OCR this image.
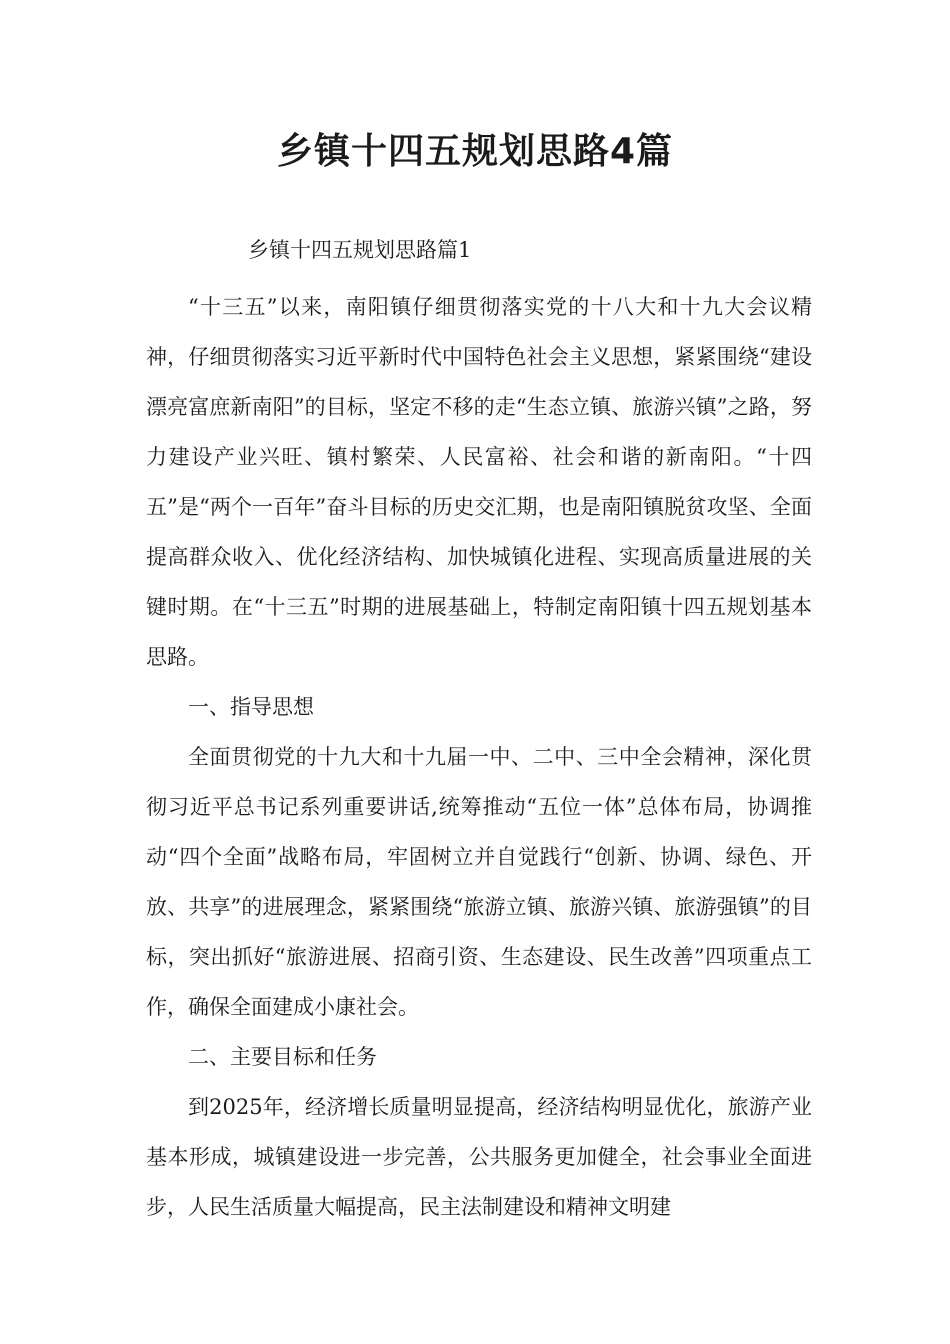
乡镇十四五规划思路4篇

乡镇十四五规划思路篇1

“十三五”以来，南阳镇仔细贯彻落实党的十八大和十九大会议精神，仔细贯彻落实习近平新时代中国特色社会主义思想，紧紧围绕“建设漂亮富庶新南阳”的目标，坚定不移的走“生态立镇、旅游兴镇”之路，努力建设产业兴旺、镇村繁荣、人民富裕、社会和谐的新南阳。“十四五”是“两个一百年”奋斗目标的历史交汇期，也是南阳镇脱贫攻坚、全面提高群众收入、优化经济结构、加快城镇化进程、实现高质量进展的关键时期。在“十三五”时期的进展基础上，特制定南阳镇十四五规划基本思路。

一、指导思想

全面贯彻党的十九大和十九届一中、二中、三中全会精神，深化贯彻习近平总书记系列重要讲话,统筹推动“五位一体”总体布局，协调推动“四个全面”战略布局，牢固树立并自觉践行“创新、协调、绿色、开放、共享”的进展理念，紧紧围绕“旅游立镇、旅游兴镇、旅游强镇”的目标，突出抓好“旅游进展、招商引资、生态建设、民生改善”四项重点工作，确保全面建成小康社会。

二、主要目标和任务

到2025年，经济增长质量明显提高，经济结构明显优化，旅游产业基本形成，城镇建设进一步完善，公共服务更加健全，社会事业全面进步，人民生活质量大幅提高，民主法制建设和精神文明建
